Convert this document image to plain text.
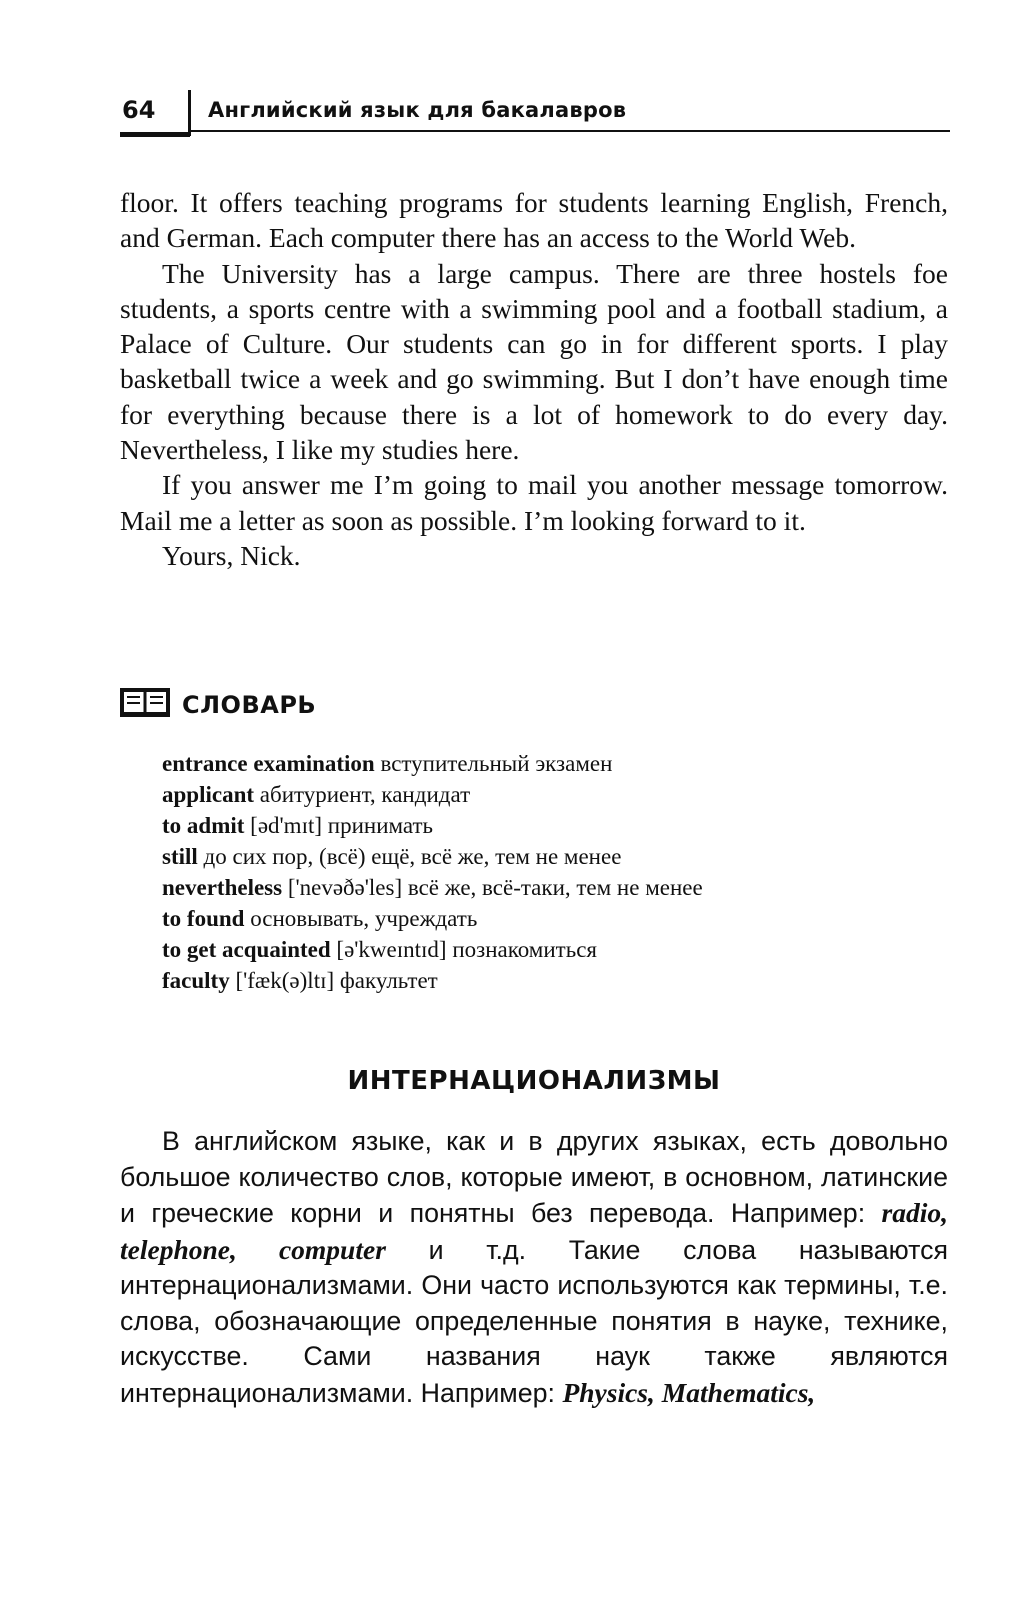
64	Английский язык для бакалавров

floor. It offers teaching programs for students learning English, French, and German. Each computer there has an access to the World Web.

The University has a large campus. There are three hostels foe students, a sports centre with a swimming pool and a football stadium, a Palace of Culture. Our students can go in for different sports. I play basketball twice a week and go swimming. But I don’t have enough time for everything because there is a lot of homework to do every day. Nevertheless, I like my studies here.

If you answer me I’m going to mail you another message tomorrow. Mail me a letter as soon as possible. I’m looking forward to it.

Yours, Nick.

СЛОВАРЬ
entrance examination вступительный экзамен
applicant абитуриент, кандидат
to admit [əd'mɪt] принимать
still до сих пор, (всё) ещё, всё же, тем не менее
nevertheless ['nevəðə'les] всё же, всё-таки, тем не менее
to found основывать, учреждать
to get acquainted [ə'kweɪntɪd] познакомиться
faculty ['fæk(ə)ltɪ] факультет
ИНТЕРНАЦИОНАЛИЗМЫ

В английском языке, как и в других языках, есть довольно большое количество слов, которые имеют, в основном, латинские и греческие корни и понятны без перевода. Например: radio, telephone, computer и т.д. Такие слова называются интернационализмами. Они часто используются как термины, т.е. слова, обозначающие определенные понятия в науке, технике, искусстве. Сами названия наук также являются интернационализмами. Например: Physics, Mathematics,
